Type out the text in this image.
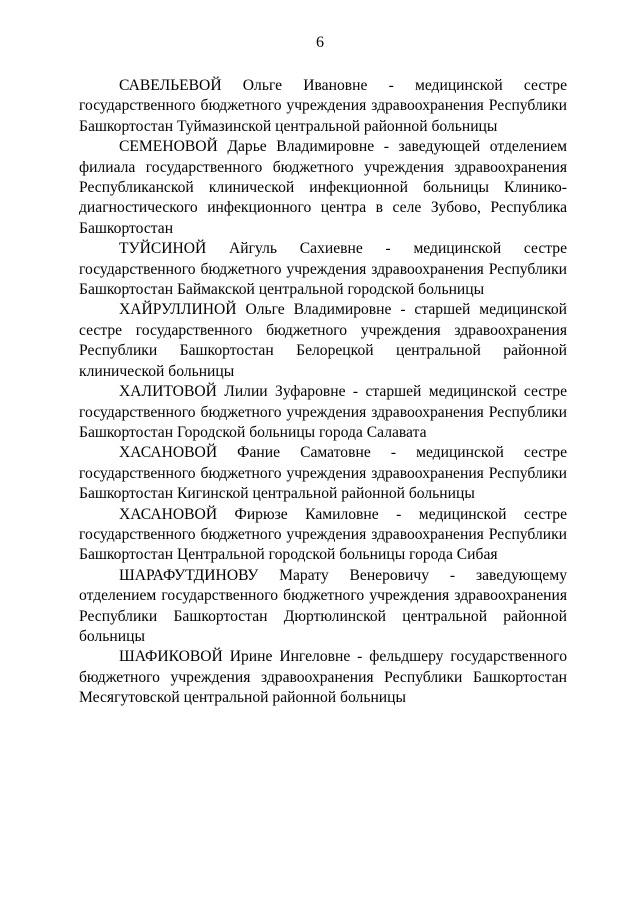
6

САВЕЛЬЕВОЙ Ольге Ивановне - медицинской сестре государственного бюджетного учреждения здравоохранения Республики Башкортостан Туймазинской центральной районной больницы

СЕМЕНОВОЙ Дарье Владимировне - заведующей отделением филиала государственного бюджетного учреждения здравоохранения Республиканской клинической инфекционной больницы Клинико-диагностического инфекционного центра в селе Зубово, Республика Башкортостан

ТУЙСИНОЙ Айгуль Сахиевне - медицинской сестре государственного бюджетного учреждения здравоохранения Республики Башкортостан Баймакской центральной городской больницы

ХАЙРУЛЛИНОЙ Ольге Владимировне - старшей медицинской сестре государственного бюджетного учреждения здравоохранения Республики Башкортостан Белорецкой центральной районной клинической больницы

ХАЛИТОВОЙ Лилии Зуфаровне - старшей медицинской сестре государственного бюджетного учреждения здравоохранения Республики Башкортостан Городской больницы города Салавата

ХАСАНОВОЙ Фание Саматовне - медицинской сестре государственного бюджетного учреждения здравоохранения Республики Башкортостан Кигинской центральной районной больницы

ХАСАНОВОЙ Фирюзе Камиловне - медицинской сестре государственного бюджетного учреждения здравоохранения Республики Башкортостан Центральной городской больницы города Сибая

ШАРАФУТДИНОВУ Марату Венеровичу - заведующему отделением государственного бюджетного учреждения здравоохранения Республики Башкортостан Дюртюлинской центральной районной больницы

ШАФИКОВОЙ Ирине Ингеловне - фельдшеру государственного бюджетного учреждения здравоохранения Республики Башкортостан Месягутовской центральной районной больницы
